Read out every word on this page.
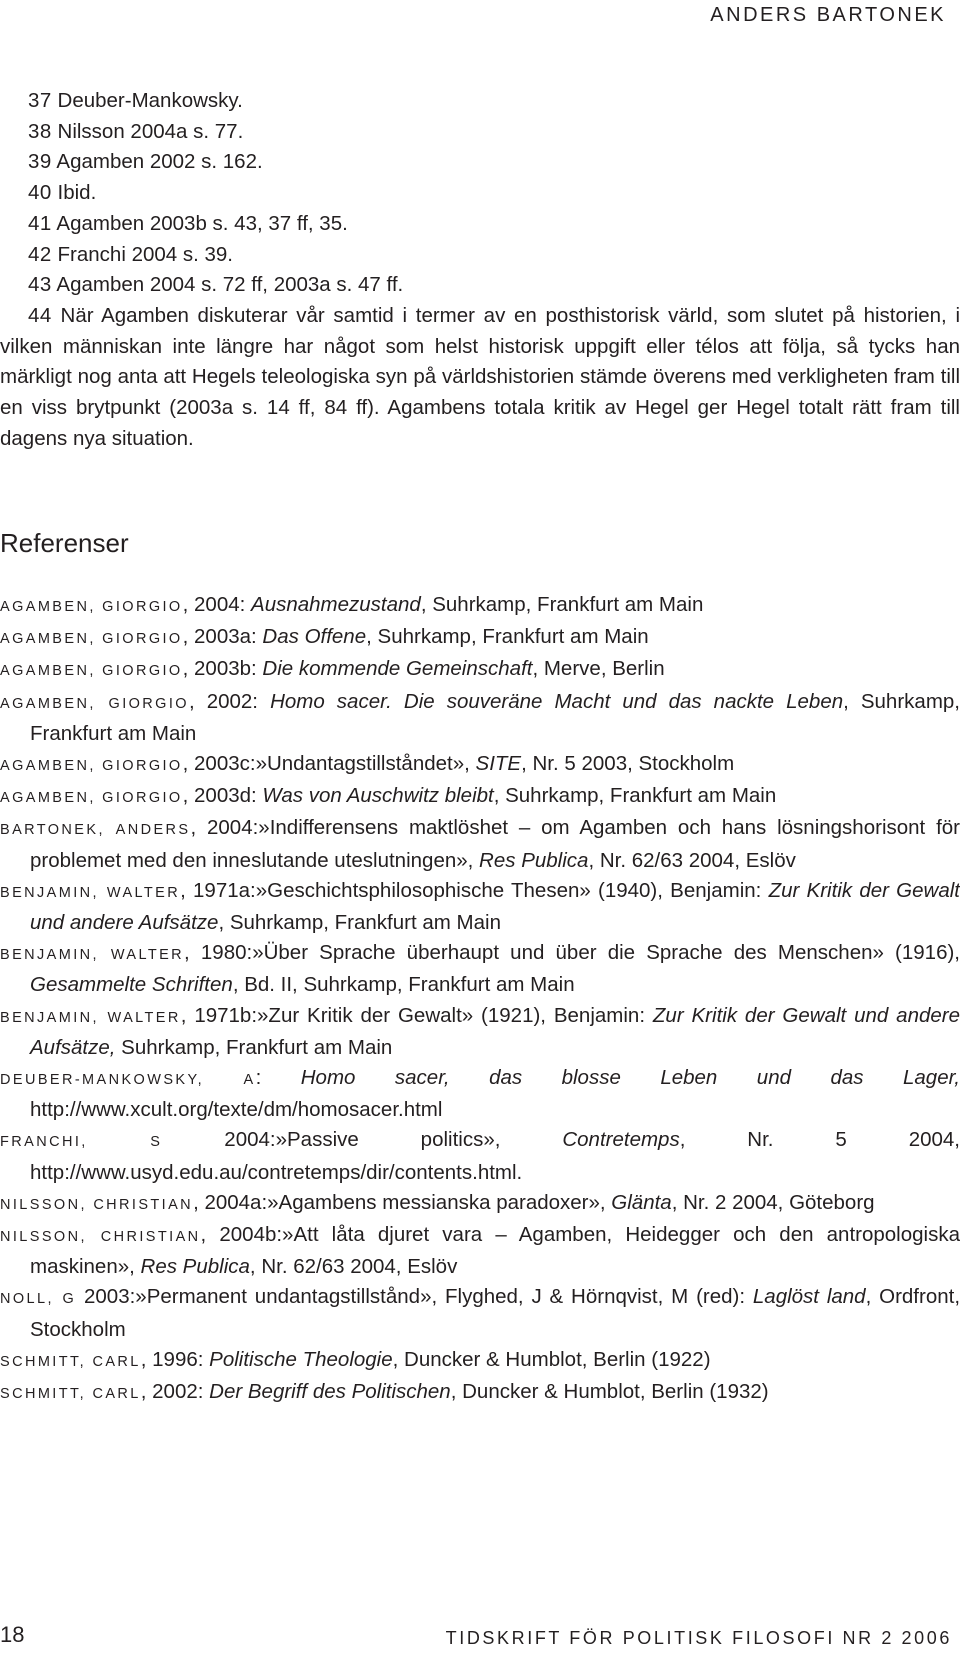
ANDERS BARTONEK
37 Deuber-Mankowsky.
38 Nilsson 2004a s. 77.
39 Agamben 2002 s. 162.
40 Ibid.
41 Agamben 2003b s. 43, 37 ff, 35.
42 Franchi 2004 s. 39.
43 Agamben 2004 s. 72 ff, 2003a s. 47 ff.
44 När Agamben diskuterar vår samtid i termer av en posthistorisk värld, som slutet på historien, i vilken människan inte längre har något som helst historisk uppgift eller télos att följa, så tycks han märkligt nog anta att Hegels teleologiska syn på världshistorien stämde överens med verkligheten fram till en viss brytpunkt (2003a s. 14 ff, 84 ff). Agambens totala kritik av Hegel ger Hegel totalt rätt fram till dagens nya situation.
Referenser
AGAMBEN, GIORGIO, 2004: Ausnahmezustand, Suhrkamp, Frankfurt am Main
AGAMBEN, GIORGIO, 2003a: Das Offene, Suhrkamp, Frankfurt am Main
AGAMBEN, GIORGIO, 2003b: Die kommende Gemeinschaft, Merve, Berlin
AGAMBEN, GIORGIO, 2002: Homo sacer. Die souveräne Macht und das nackte Leben, Suhrkamp, Frankfurt am Main
AGAMBEN, GIORGIO, 2003c:»Undantagstillståndet», SITE, Nr. 5 2003, Stockholm
AGAMBEN, GIORGIO, 2003d: Was von Auschwitz bleibt, Suhrkamp, Frankfurt am Main
BARTONEK, ANDERS, 2004:»Indifferensens maktlöshet – om Agamben och hans lösningshorisont för problemet med den inneslutande uteslutningen», Res Publica, Nr. 62/63 2004, Eslöv
BENJAMIN, WALTER, 1971a:»Geschichtsphilosophische Thesen» (1940), Benjamin: Zur Kritik der Gewalt und andere Aufsätze, Suhrkamp, Frankfurt am Main
BENJAMIN, WALTER, 1980:»Über Sprache überhaupt und über die Sprache des Menschen» (1916), Gesammelte Schriften, Bd. II, Suhrkamp, Frankfurt am Main
BENJAMIN, WALTER, 1971b:»Zur Kritik der Gewalt» (1921), Benjamin: Zur Kritik der Gewalt und andere Aufsätze, Suhrkamp, Frankfurt am Main
DEUBER-MANKOWSKY, A: Homo sacer, das blosse Leben und das Lager, http://www.xcult.org/texte/dm/homosacer.html
FRANCHI, S 2004:»Passive politics», Contretemps, Nr. 5 2004, http://www.usyd.edu.au/contretemps/dir/contents.html.
NILSSON, CHRISTIAN, 2004a:»Agambens messianska paradoxer», Glänta, Nr. 2 2004, Göteborg
NILSSON, CHRISTIAN, 2004b:»Att låta djuret vara – Agamben, Heidegger och den antropologiska maskinen», Res Publica, Nr. 62/63 2004, Eslöv
NOLL, G 2003:»Permanent undantagstillstånd», Flyghed, J & Hörnqvist, M (red): Laglöst land, Ordfront, Stockholm
SCHMITT, CARL, 1996: Politische Theologie, Duncker & Humblot, Berlin (1922)
SCHMITT, CARL, 2002: Der Begriff des Politischen, Duncker & Humblot, Berlin (1932)
18	TIDSKRIFT FÖR POLITISK FILOSOFI NR 2 2006
